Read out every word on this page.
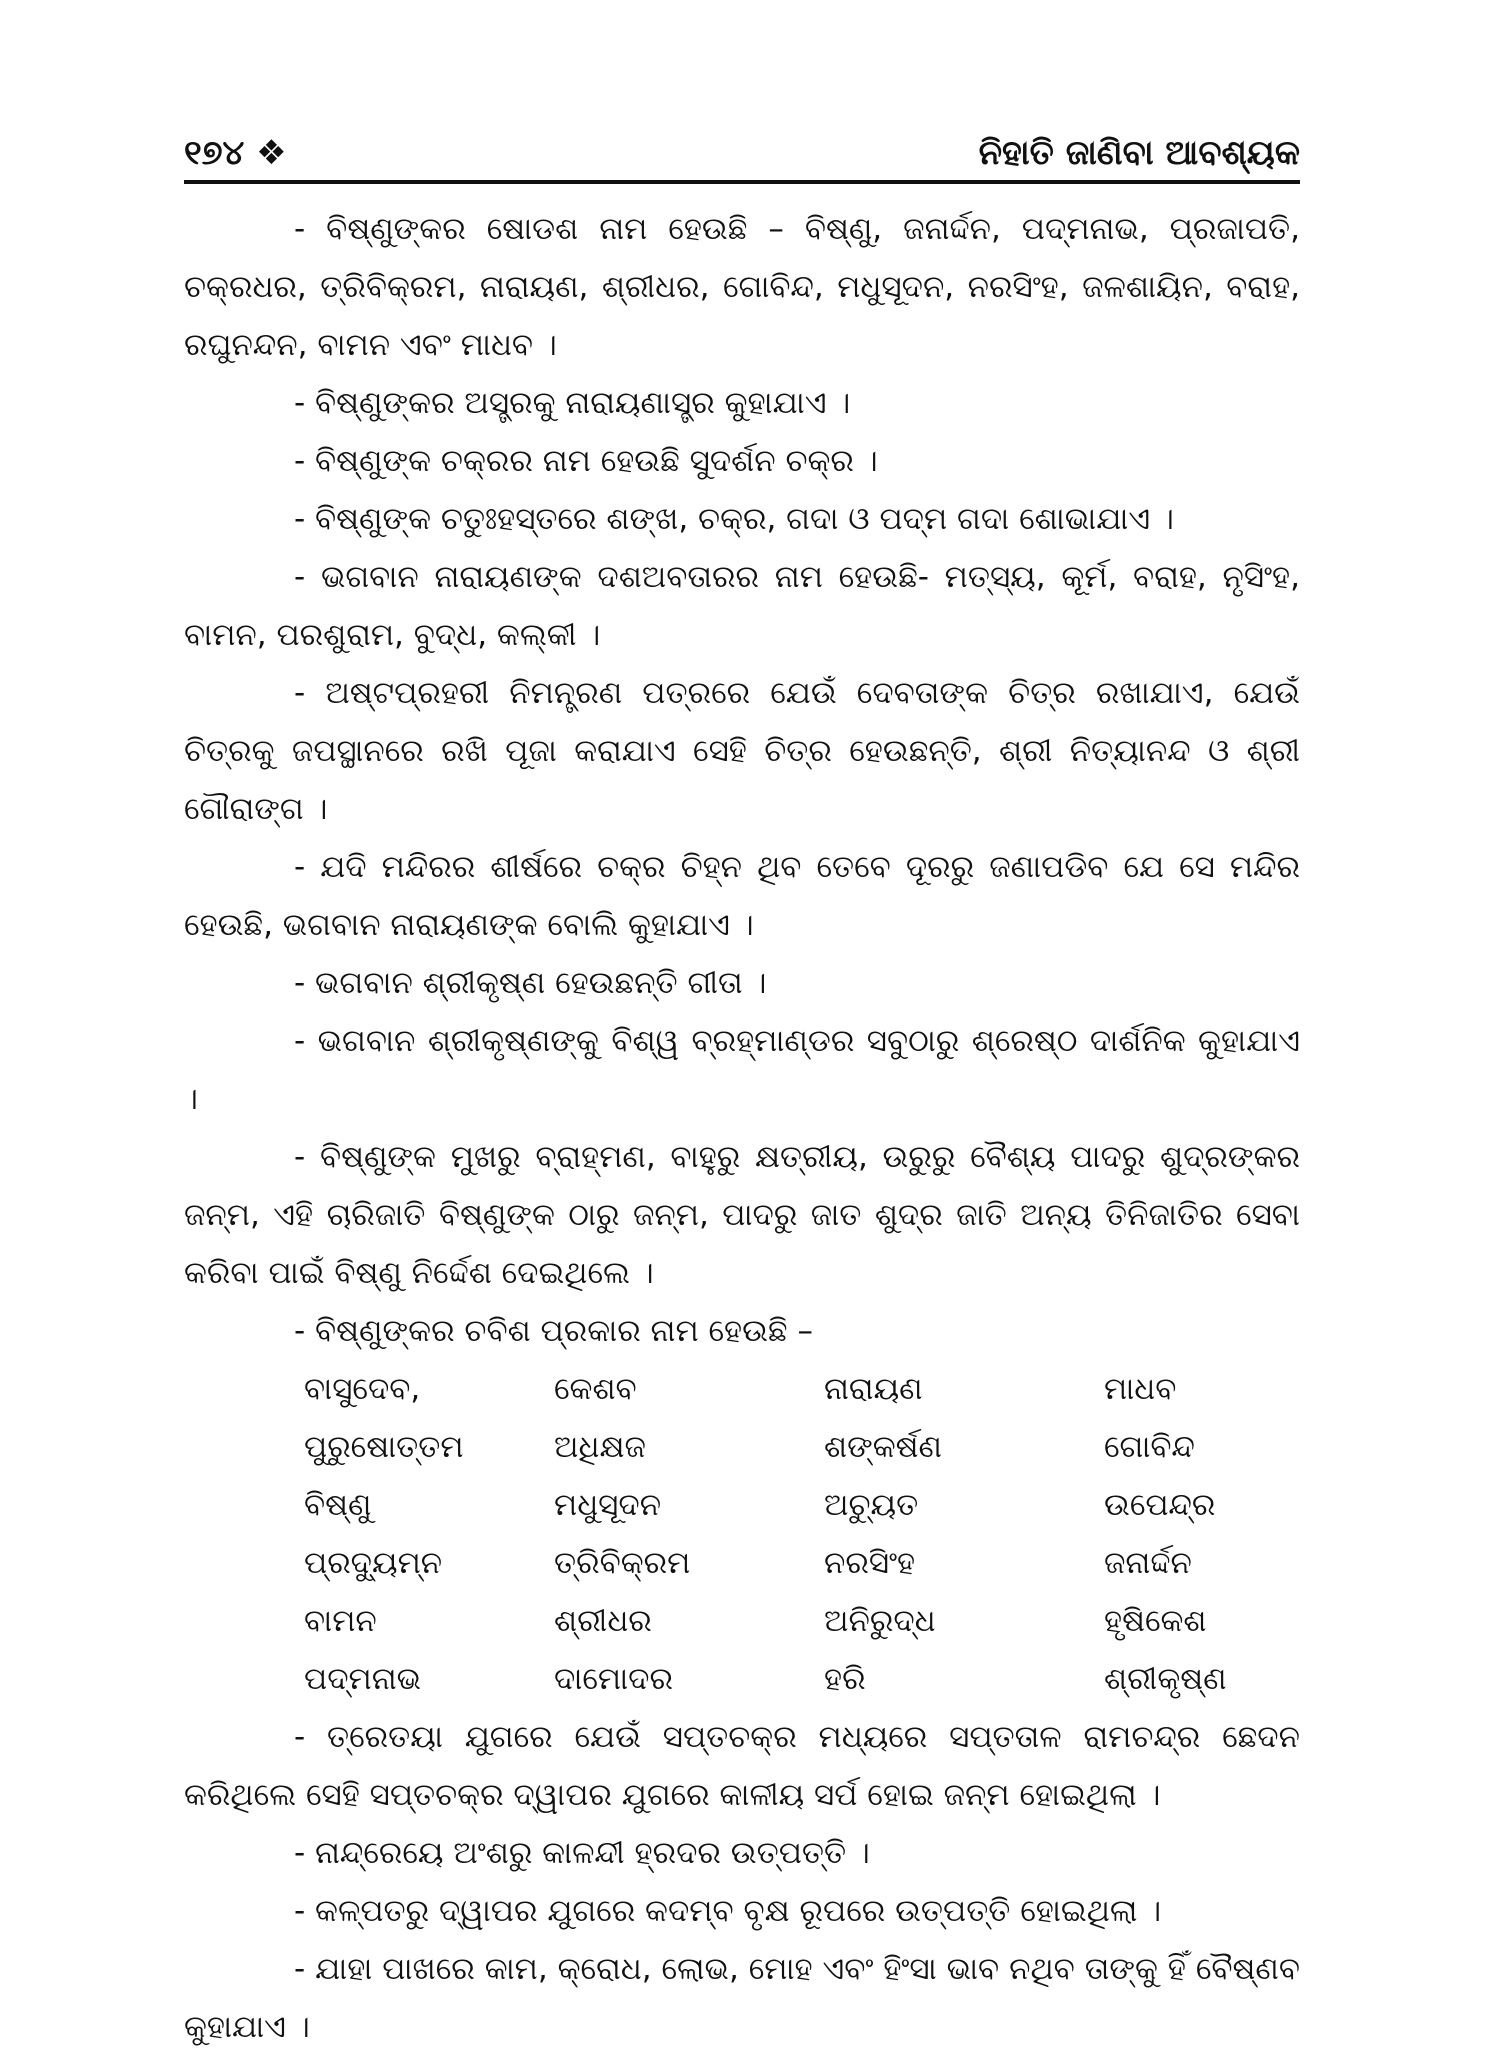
୧୭୪ ❖	ନିହାତି ଜାଣିବା ଆବଶ୍ୟକ

- ବିଷ୍ଣୁଙ୍କର ଷୋଡଶ ନାମ ହେଉଛି – ବିଷ୍ଣୁ, ଜନାର୍ଦ୍ଦନ, ପଦ୍ମନାଭ, ପ୍ରଜାପତି, ଚକ୍ରଧର, ତ୍ରିବିକ୍ରମ, ନାରାୟଣ, ଶ୍ରୀଧର, ଗୋବିନ୍ଦ, ମଧୁସୂଦନ, ନରସିଂହ, ଜଳଶାୟିନ, ବରାହ, ରଘୁନନ୍ଦନ, ବାମନ ଏବଂ ମାଧବ ।

- ବିଷ୍ଣୁଙ୍କର ଅସ୍ତ୍ରକୁ ନାରାୟଣାସ୍ତ୍ର କୁହାଯାଏ ।

- ବିଷ୍ଣୁଙ୍କ ଚକ୍ରର ନାମ ହେଉଛି ସୁଦର୍ଶନ ଚକ୍ର ।

- ବିଷ୍ଣୁଙ୍କ ଚତୁଃହସ୍ତରେ ଶଙ୍ଖ, ଚକ୍ର, ଗଦା ଓ ପଦ୍ମ ଗଦା ଶୋଭାଯାଏ ।

- ଭଗବାନ ନାରାୟଣଙ୍କ ଦଶଅବତାରର ନାମ ହେଉଛି- ମତ୍ସ୍ୟ, କୂର୍ମ, ବରାହ, ନୃସିଂହ, ବାମନ, ପରଶୁରାମ, ବୁଦ୍ଧ, କଲ୍‌କୀ ।

- ଅଷ୍ଟପ୍ରହରୀ ନିମନ୍ତ୍ରଣ ପତ୍ରରେ ଯେଉଁ ଦେବତାଙ୍କ ଚିତ୍ର ରଖାଯାଏ, ଯେଉଁ ଚିତ୍ରକୁ ଜପସ୍ଥାନରେ ରଖି ପୂଜା କରାଯାଏ ସେହି ଚିତ୍ର ହେଉଛନ୍ତି, ଶ୍ରୀ ନିତ୍ୟାନନ୍ଦ ଓ ଶ୍ରୀ ଗୌରାଙ୍ଗ ।

- ଯଦି ମନ୍ଦିରର ଶୀର୍ଷରେ ଚକ୍ର ଚିହ୍ନ ଥିବ ତେବେ ଦୂରରୁ ଜଣାପଡିବ ଯେ ସେ ମନ୍ଦିର ହେଉଛି, ଭଗବାନ ନାରାୟଣଙ୍କ ବୋଲି କୁହାଯାଏ ।

- ଭଗବାନ ଶ୍ରୀକୃଷ୍ଣ ହେଉଛନ୍ତି ଗୀତା ।

- ଭଗବାନ ଶ୍ରୀକୃଷ୍ଣଙ୍କୁ ବିଶ୍ୱ ବ୍ରହ୍ମାଣ୍ଡର ସବୁଠାରୁ ଶ୍ରେଷ୍ଠ ଦାର୍ଶନିକ କୁହାଯାଏ ।

- ବିଷ୍ଣୁଙ୍କ ମୁଖରୁ ବ୍ରାହ୍ମଣ, ବାହୁରୁ କ୍ଷତ୍ରୀୟ, ଉରୁରୁ ବୈଶ୍ୟ ପାଦରୁ ଶୁଦ୍ରଙ୍କର ଜନ୍ମ, ଏହି ଚାରିଜାତି ବିଷ୍ଣୁଙ୍କ ଠାରୁ ଜନ୍ମ, ପାଦରୁ ଜାତ ଶୁଦ୍ର ଜାତି ଅନ୍ୟ ତିନିଜାତିର ସେବା କରିବା ପାଇଁ ବିଷ୍ଣୁ ନିର୍ଦ୍ଦେଶ ଦେଇଥିଲେ ।

- ବିଷ୍ଣୁଙ୍କର ଚବିଶ ପ୍ରକାର ନାମ ହେଉଛି –

ବାସୁଦେବ,	କେଶବ	ନାରାୟଣ	ମାଧବ
ପୁରୁଷୋତ୍ତମ	ଅଧିକ୍ଷଜ	ଶଙ୍କର୍ଷଣ	ଗୋବିନ୍ଦ
ବିଷ୍ଣୁ	ମଧୁସୂଦନ	ଅଚ୍ୟୁତ	ଉପେନ୍ଦ୍ର
ପ୍ରଦ୍ୟୁମ୍ନ	ତ୍ରିବିକ୍ରମ	ନରସିଂହ	ଜନାର୍ଦ୍ଦନ
ବାମନ	ଶ୍ରୀଧର	ଅନିରୁଦ୍ଧ	ହୃଷିକେଶ
ପଦ୍ମନାଭ	ଦାମୋଦର	ହରି	ଶ୍ରୀକୃଷ୍ଣ

- ତ୍ରେତୟା ଯୁଗରେ ଯେଉଁ ସପ୍ତଚକ୍ର ମଧ୍ୟରେ ସପ୍ତତାଳ ରାମଚନ୍ଦ୍ର ଛେଦନ କରିଥିଲେ ସେହି ସପ୍ତଚକ୍ର ଦ୍ୱାପର ଯୁଗରେ କାଳୀୟ ସର୍ପ ହୋଇ ଜନ୍ମ ହୋଇଥିଲା ।

- ନାନ୍ଦ୍ରେୟେ ଅଂଶରୁ କାଳନ୍ଦୀ ହ୍ରଦର ଉତ୍ପତ୍ତି ।

- କଳ୍ପତରୁ ଦ୍ୱାପର ଯୁଗରେ କଦମ୍ବ ବୃକ୍ଷ ରୂପରେ ଉତ୍ପତ୍ତି ହୋଇଥିଲା ।

- ଯାହା ପାଖରେ କାମ, କ୍ରୋଧ, ଲୋଭ, ମୋହ ଏବଂ ହିଂସା ଭାବ ନଥିବ ତାଙ୍କୁ ହିଁ ବୈଷ୍ଣବ କୁହାଯାଏ ।
